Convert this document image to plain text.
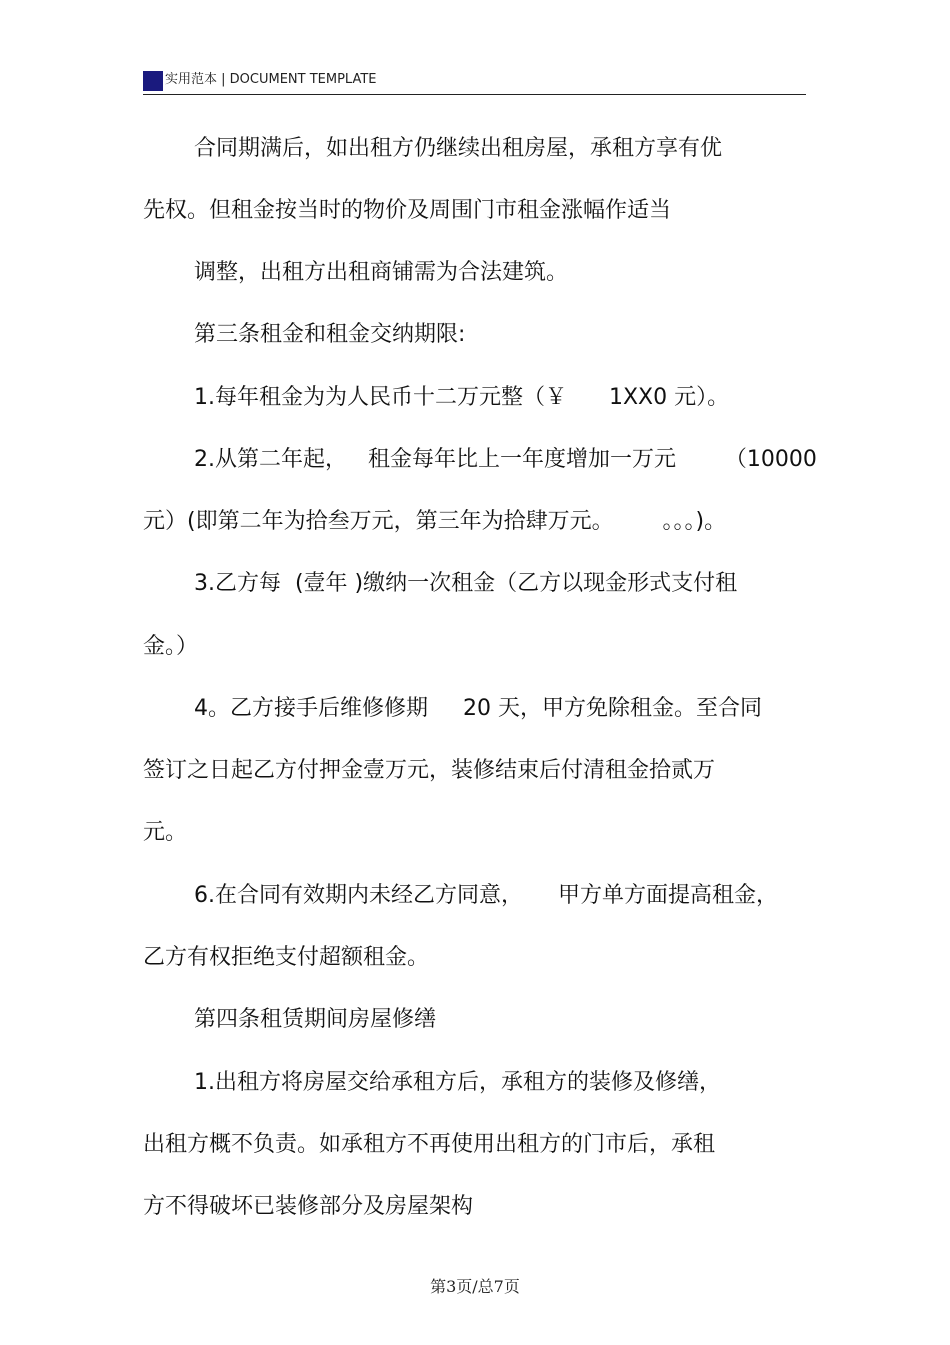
实用范本 | DOCUMENT TEMPLATE
合同期满后，如出租方仍继续出租房屋，承租方享有优
先权。但租金按当时的物价及周围门市租金涨幅作适当
调整，出租方出租商铺需为合法建筑。
第三条租金和租金交纳期限:
1.每年租金为为人民币十二万元整（￥      1XX0 元）。
2.从第二年起，   租金每年比上一年度增加一万元       （10000
元）(即第二年为拾叁万元，第三年为拾肆万元。       。。。)。
3.乙方每  (壹年 )缴纳一次租金（乙方以现金形式支付租
金。）
4。乙方接手后维修修期     20 天，甲方免除租金。至合同
签订之日起乙方付押金壹万元，装修结束后付清租金拾贰万
元。
6.在合同有效期内未经乙方同意，     甲方单方面提高租金，
乙方有权拒绝支付超额租金。
第四条租赁期间房屋修缮
1.出租方将房屋交给承租方后，承租方的装修及修缮，
出租方概不负责。如承租方不再使用出租方的门市后，承租
方不得破坏已装修部分及房屋架构
第3页/总7页
